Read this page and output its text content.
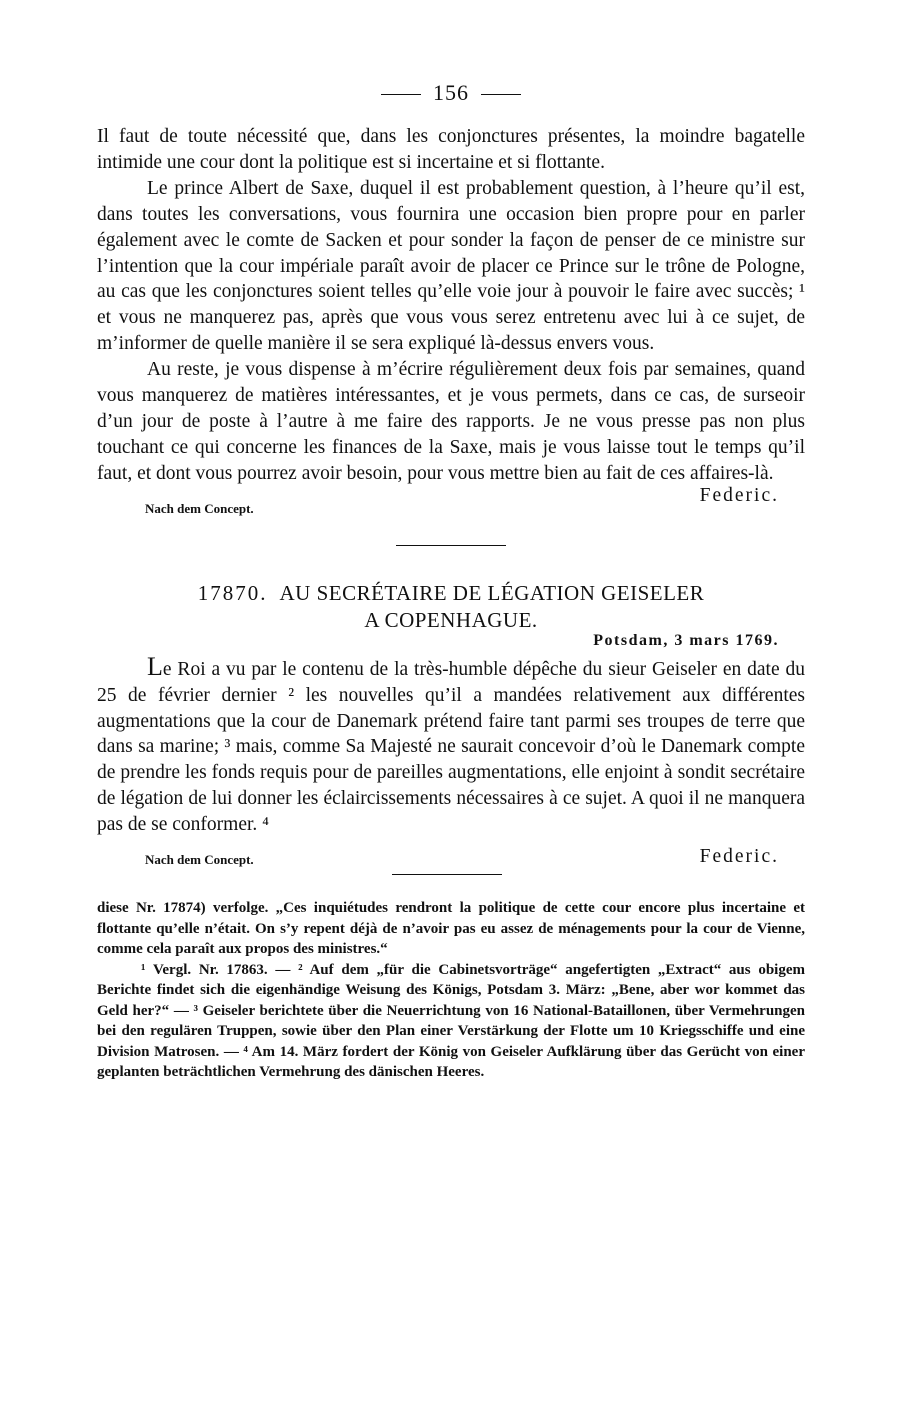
156

Il faut de toute nécessité que, dans les conjonctures présentes, la moindre bagatelle intimide une cour dont la politique est si incertaine et si flottante.

Le prince Albert de Saxe, duquel il est probablement question, à l’heure qu’il est, dans toutes les conversations, vous fournira une occasion bien propre pour en parler également avec le comte de Sacken et pour sonder la façon de penser de ce ministre sur l’intention que la cour impériale paraît avoir de placer ce Prince sur le trône de Pologne, au cas que les conjonctures soient telles qu’elle voie jour à pouvoir le faire avec succès; ¹ et vous ne manquerez pas, après que vous vous serez entretenu avec lui à ce sujet, de m’informer de quelle manière il se sera expliqué là-dessus envers vous.

Au reste, je vous dispense à m’écrire régulièrement deux fois par semaines, quand vous manquerez de matières intéressantes, et je vous permets, dans ce cas, de surseoir d’un jour de poste à l’autre à me faire des rapports. Je ne vous presse pas non plus touchant ce qui concerne les finances de la Saxe, mais je vous laisse tout le temps qu’il faut, et dont vous pourrez avoir besoin, pour vous mettre bien au fait de ces affaires-là.

Nach dem Concept.
Federic.
17870. AU SECRÉTAIRE DE LÉGATION GEISELER
A COPENHAGUE.
Potsdam, 3 mars 1769.

Le Roi a vu par le contenu de la très-humble dépêche du sieur Geiseler en date du 25 de février dernier ² les nouvelles qu’il a mandées relativement aux différentes augmentations que la cour de Danemark prétend faire tant parmi ses troupes de terre que dans sa marine; ³ mais, comme Sa Majesté ne saurait concevoir d’où le Danemark compte de prendre les fonds requis pour de pareilles augmentations, elle enjoint à sondit secrétaire de légation de lui donner les éclaircissements nécessaires à ce sujet. A quoi il ne manquera pas de se conformer. ⁴

Nach dem Concept.	Federic.

diese Nr. 17874) verfolge. „Ces inquiétudes rendront la politique de cette cour encore plus incertaine et flottante qu’elle n’était. On s’y repent déjà de n’avoir pas eu assez de ménagements pour la cour de Vienne, comme cela paraît aux propos des ministres.“

¹ Vergl. Nr. 17863. — ² Auf dem „für die Cabinetsvorträge“ angefertigten „Extract“ aus obigem Berichte findet sich die eigenhändige Weisung des Königs, Potsdam 3. März: „Bene, aber wor kommet das Geld her?“ — ³ Geiseler berichtete über die Neuerrichtung von 16 National-Bataillonen, über Vermehrungen bei den regulären Truppen, sowie über den Plan einer Verstärkung der Flotte um 10 Kriegsschiffe und eine Division Matrosen. — ⁴ Am 14. März fordert der König von Geiseler Aufklärung über das Gerücht von einer geplanten beträchtlichen Vermehrung des dänischen Heeres.
